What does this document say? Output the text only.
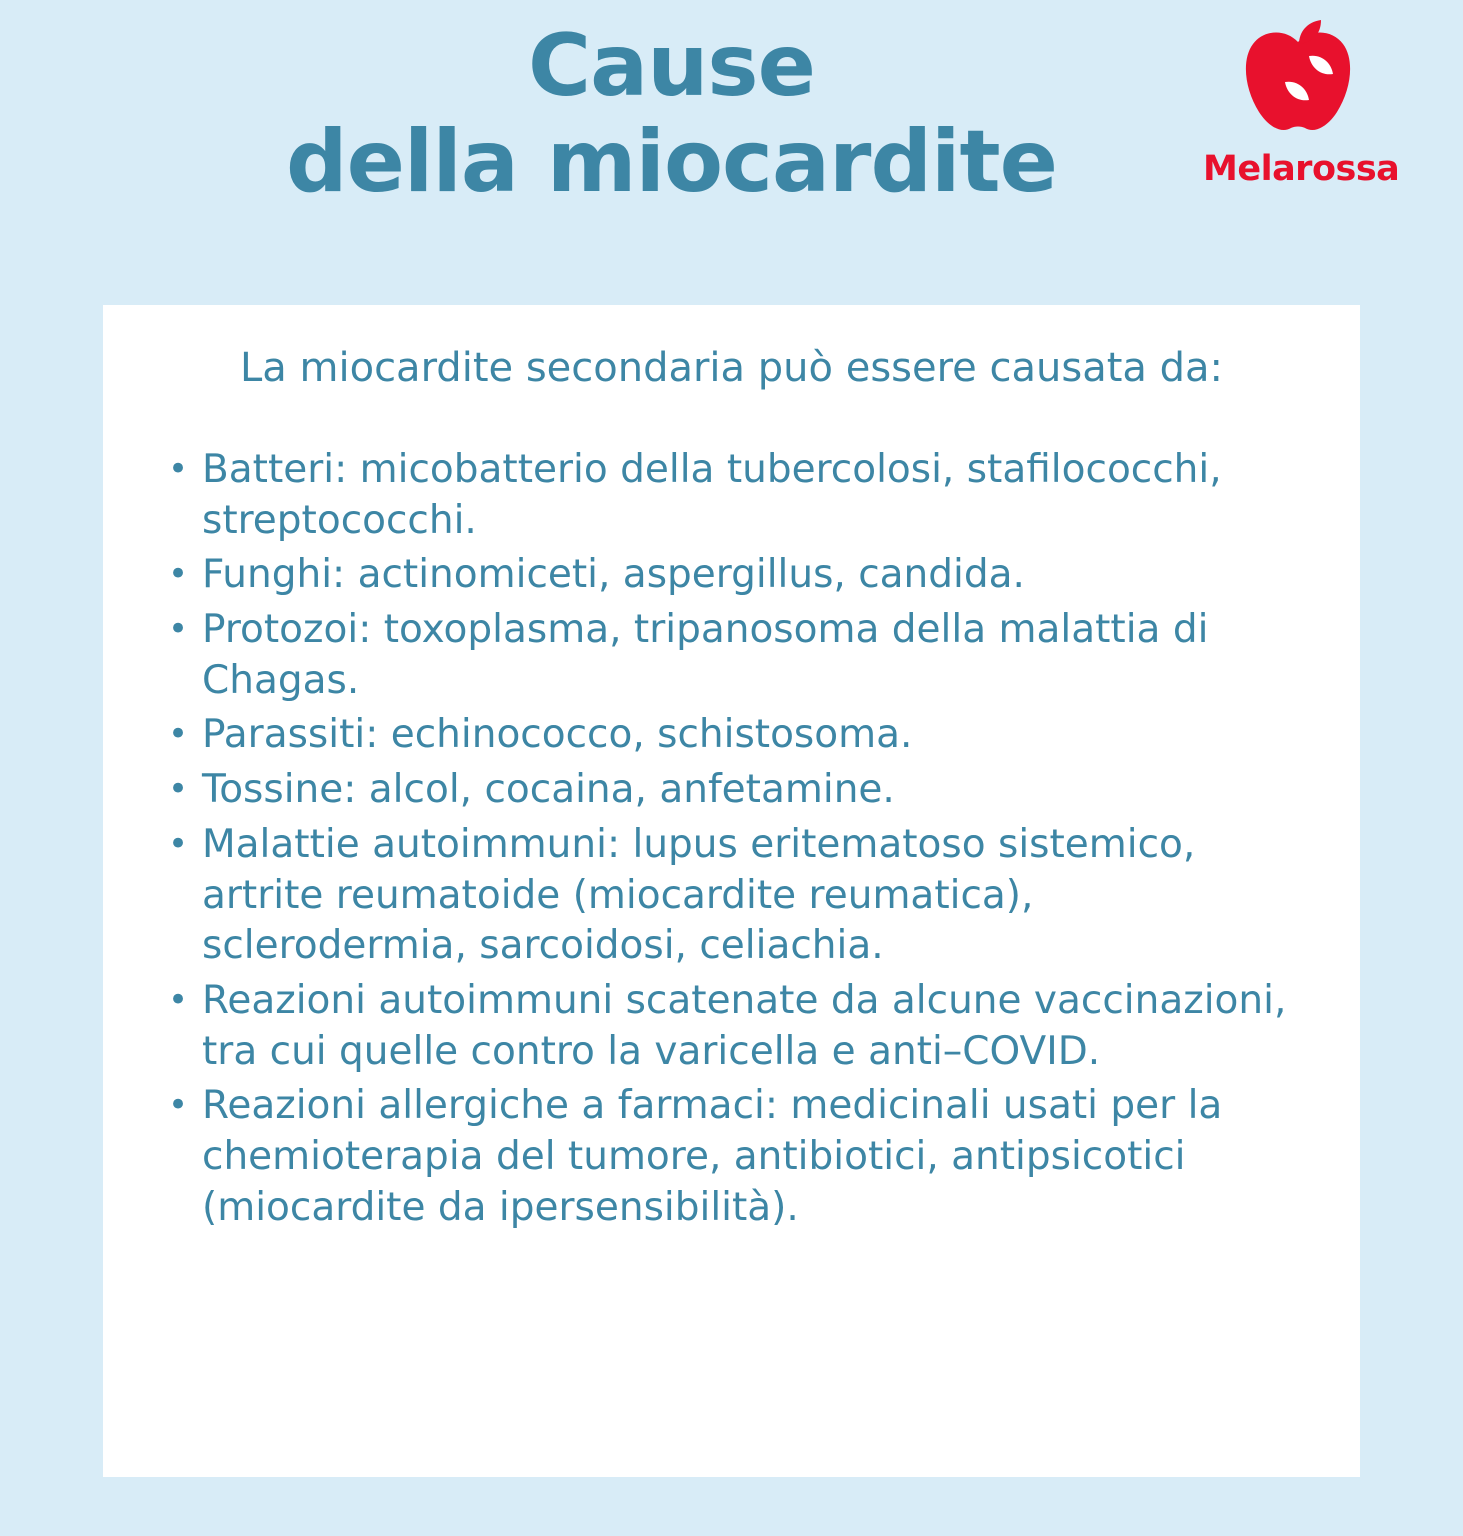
Cause
della miocardite	Melarossa

La miocardite secondaria può essere causata da:

• Batteri: micobatterio della tubercolosi, stafilococchi, streptococchi.
• Funghi: actinomiceti, aspergillus, candida.
• Protozoi: toxoplasma, tripanosoma della malattia di Chagas.
• Parassiti: echinococco, schistosoma.
• Tossine: alcol, cocaina, anfetamine.
• Malattie autoimmuni: lupus eritematoso sistemico, artrite reumatoide (miocardite reumatica), sclerodermia, sarcoidosi, celiachia.
• Reazioni autoimmuni scatenate da alcune vaccinazioni, tra cui quelle contro la varicella e anti–COVID.
• Reazioni allergiche a farmaci: medicinali usati per la chemioterapia del tumore, antibiotici, antipsicotici (miocardite da ipersensibilità).
